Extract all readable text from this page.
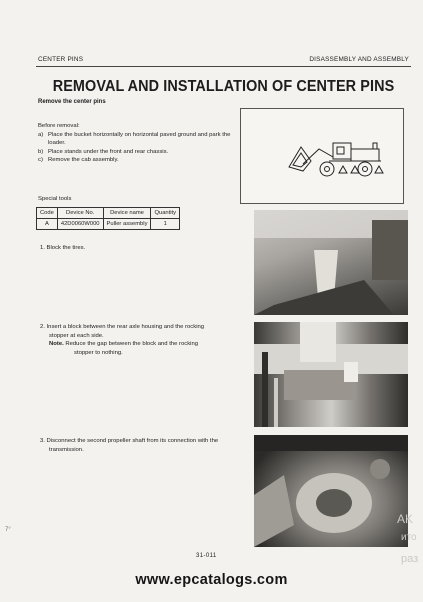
CENTER PINS	DISASSEMBLY AND ASSEMBLY
REMOVAL AND INSTALLATION OF CENTER PINS
Remove the center pins
Before removal:
a) Place the bucket horizontally on horizontal paved ground and park the loader.
b) Place stands under the front and rear chassis.
c) Remove the cab assembly.
Special tools
Code	Device No.	Device name	Quantity
A	42D0060W000	Puller assembly	1
1. Block the tires.
2. Insert a block between the rear axle housing and the rocking stopper at each side.
Note. Reduce the gap between the block and the rocking stopper to nothing.
3. Disconnect the second propeller shaft from its connection with the transmission.
AK
ито
раз
7°
31-011
www.epcatalogs.com
